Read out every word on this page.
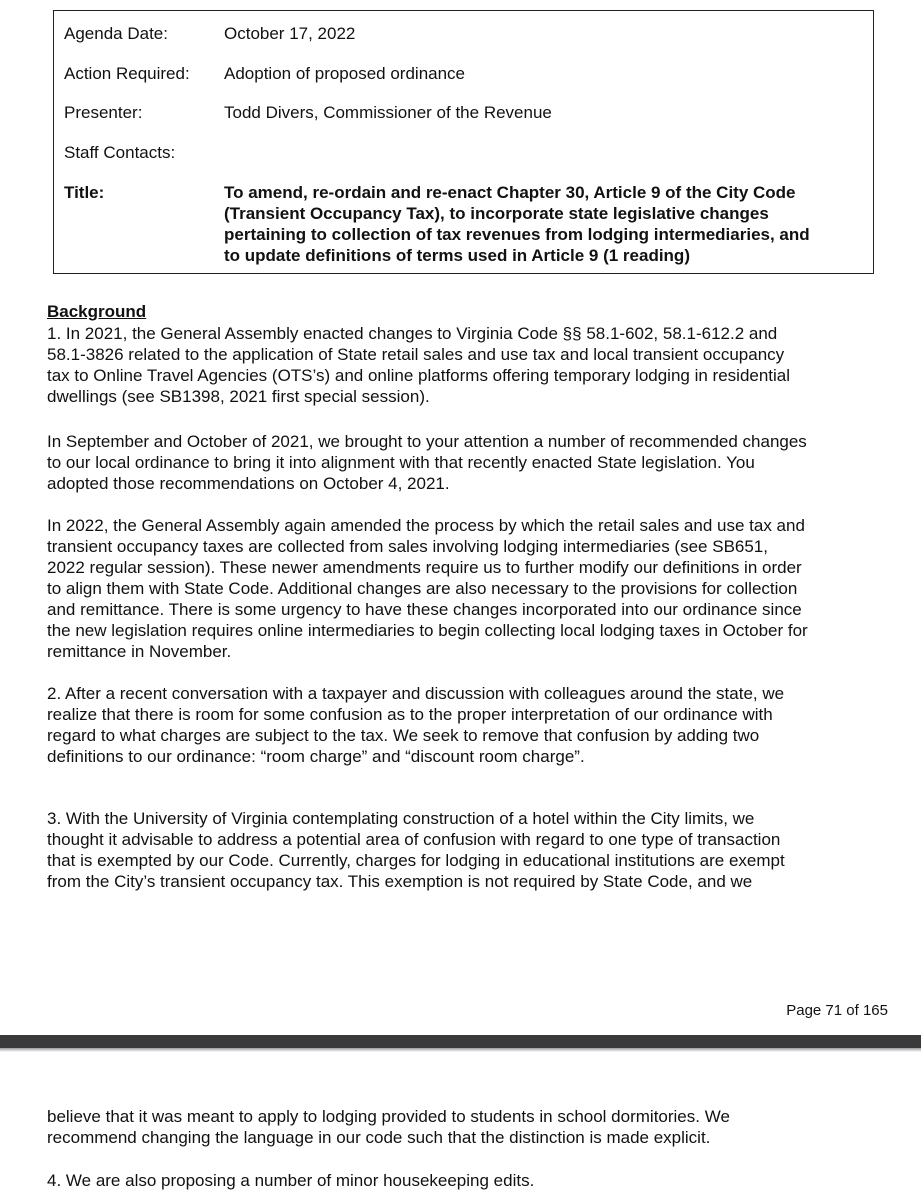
Agenda Date:	October 17, 2022
Action Required:	Adoption of proposed ordinance
Presenter:	Todd Divers, Commissioner of the Revenue
Staff Contacts:
Title:	To amend, re-ordain and re-enact Chapter 30, Article 9 of the City Code
(Transient Occupancy Tax), to incorporate state legislative changes
pertaining to collection of tax revenues from lodging intermediaries, and
to update definitions of terms used in Article 9 (1 reading)
Background
1. In 2021, the General Assembly enacted changes to Virginia Code §§ 58.1-602, 58.1-612.2 and
58.1-3826 related to the application of State retail sales and use tax and local transient occupancy
tax to Online Travel Agencies (OTS’s) and online platforms offering temporary lodging in residential
dwellings (see SB1398, 2021 first special session).
In September and October of 2021, we brought to your attention a number of recommended changes
to our local ordinance to bring it into alignment with that recently enacted State legislation. You
adopted those recommendations on October 4, 2021.
In 2022, the General Assembly again amended the process by which the retail sales and use tax and
transient occupancy taxes are collected from sales involving lodging intermediaries (see SB651,
2022 regular session). These newer amendments require us to further modify our definitions in order
to align them with State Code. Additional changes are also necessary to the provisions for collection
and remittance. There is some urgency to have these changes incorporated into our ordinance since
the new legislation requires online intermediaries to begin collecting local lodging taxes in October for
remittance in November.
2. After a recent conversation with a taxpayer and discussion with colleagues around the state, we
realize that there is room for some confusion as to the proper interpretation of our ordinance with
regard to what charges are subject to the tax. We seek to remove that confusion by adding two
definitions to our ordinance: “room charge” and “discount room charge”.
3. With the University of Virginia contemplating construction of a hotel within the City limits, we
thought it advisable to address a potential area of confusion with regard to one type of transaction
that is exempted by our Code. Currently, charges for lodging in educational institutions are exempt
from the City’s transient occupancy tax. This exemption is not required by State Code, and we
Page 71 of 165
believe that it was meant to apply to lodging provided to students in school dormitories. We
recommend changing the language in our code such that the distinction is made explicit.
4. We are also proposing a number of minor housekeeping edits.
